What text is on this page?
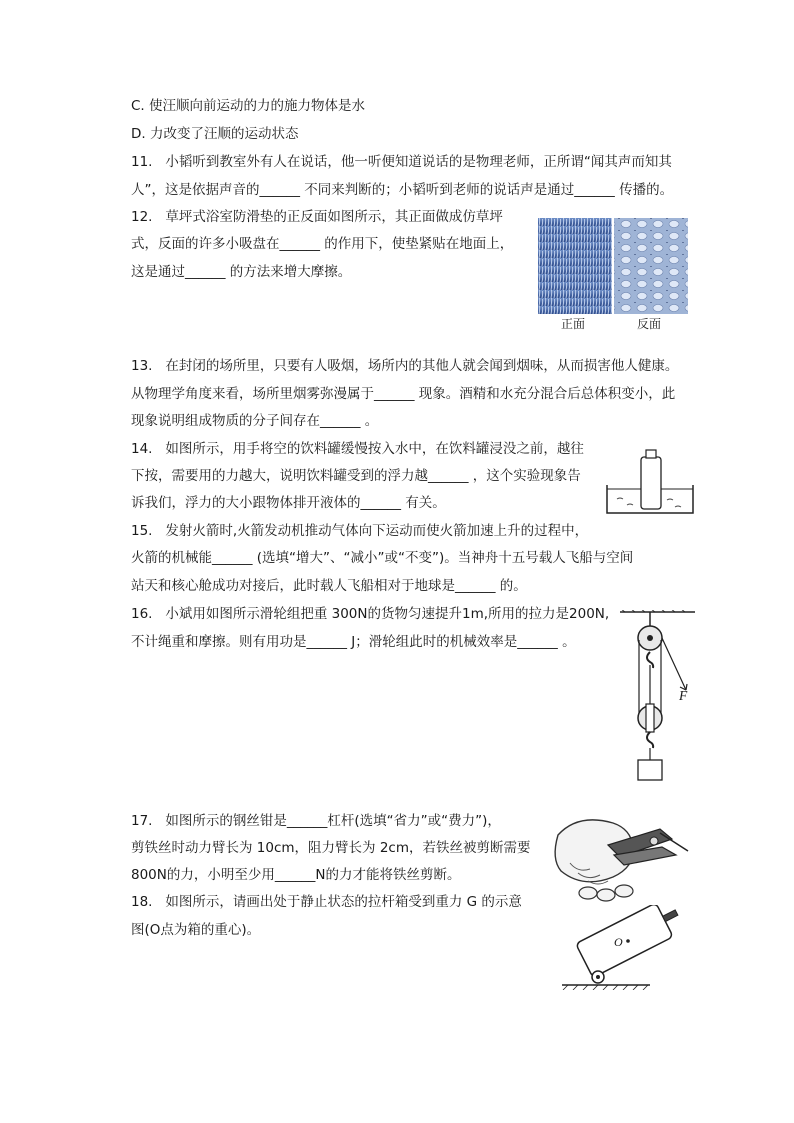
C. 使汪顺向前运动的力的施力物体是水
D. 力改变了汪顺的运动状态
11.   小韬听到教室外有人在说话，他一听便知道说话的是物理老师，正所谓“闻其声而知其
人”，这是依据声音的______ 不同来判断的；小韬听到老师的说话声是通过______ 传播的。
12.   草坪式浴室防滑垫的正反面如图所示，其正面做成仿草坪
式，反面的许多小吸盘在______ 的作用下，使垫紧贴在地面上，
这是通过______ 的方法来增大摩擦。
13.   在封闭的场所里，只要有人吸烟，场所内的其他人就会闻到烟味，从而损害他人健康。
从物理学角度来看，场所里烟雾弥漫属于______ 现象。酒精和水充分混合后总体积变小，此
现象说明组成物质的分子间存在______ 。
14.   如图所示，用手将空的饮料罐缓慢按入水中，在饮料罐浸没之前，越往
下按，需要用的力越大，说明饮料罐受到的浮力越______ ，这个实验现象告
诉我们，浮力的大小跟物体排开液体的______ 有关。
15.   发射火箭时,火箭发动机推动气体向下运动而使火箭加速上升的过程中，
火箭的机械能______ (选填“增大”、“减小”或“不变”)。当神舟十五号载人飞船与空间
站天和核心舱成功对接后，此时载人飞船相对于地球是______ 的。
16.   小斌用如图所示滑轮组把重 300N的货物匀速提升1m,所用的拉力是200N,
不计绳重和摩擦。则有用功是______ J；滑轮组此时的机械效率是______ 。
17.   如图所示的钢丝钳是______杠杆(选填“省力”或“费力”)，
剪铁丝时动力臂长为 10cm，阻力臂长为 2cm，若铁丝被剪断需要
800N的力，小明至少用______N的力才能将铁丝剪断。
18.   如图所示，请画出处于静止状态的拉杆箱受到重力 G 的示意
图(O点为箱的重心)。
正面	反面
F
O
